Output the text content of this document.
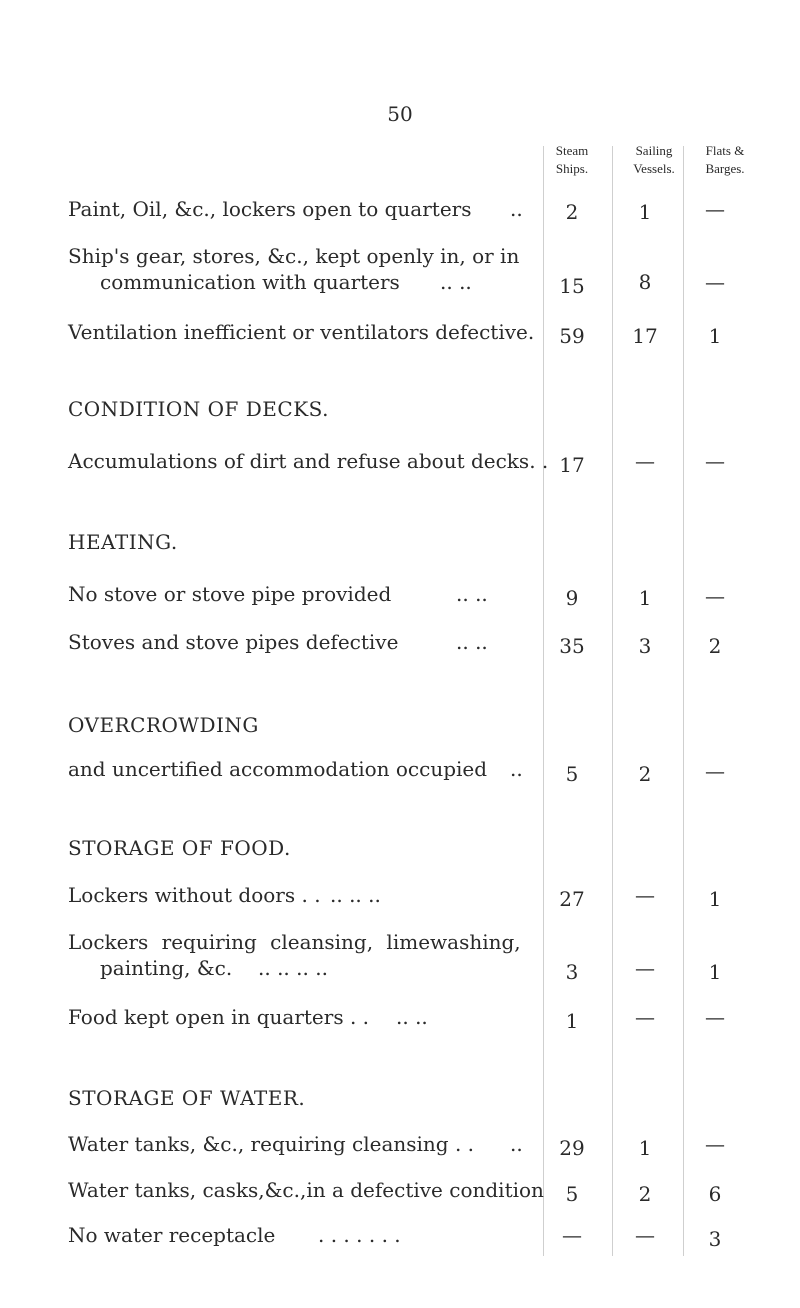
50
Steam
Ships.
Sailing
Vessels.
Flats &
Barges.
Paint, Oil, &c., lockers open to quarters ..	2	1	—
Ship's gear, stores, &c., kept openly in, or in
communication with quarters .. ..	15	8	—
Ventilation inefficient or ventilators defective.	59	17	1
CONDITION OF DECKS.
Accumulations of dirt and refuse about decks. . 17	—	—
HEATING.
No stove or stove pipe provided	.. ..	9	1	—
Stoves and stove pipes defective	.. ..	35	3	2
OVERCROWDING
and uncertified accommodation occupied ..	5	2	—
STORAGE OF FOOD.
Lockers without doors . . .. .. ..	27	—	1
Lockers requiring cleansing, limewashing,
painting, &c. .. .. .. ..	3	—	1
Food kept open in quarters . . .. ..	1	—	—
STORAGE OF WATER.
Water tanks, &c., requiring cleansing . . ..	29	1	—
Water tanks, casks,&c.,in a defective condition	5	2	6
No water receptacle . . . . . . .	—	—	3
